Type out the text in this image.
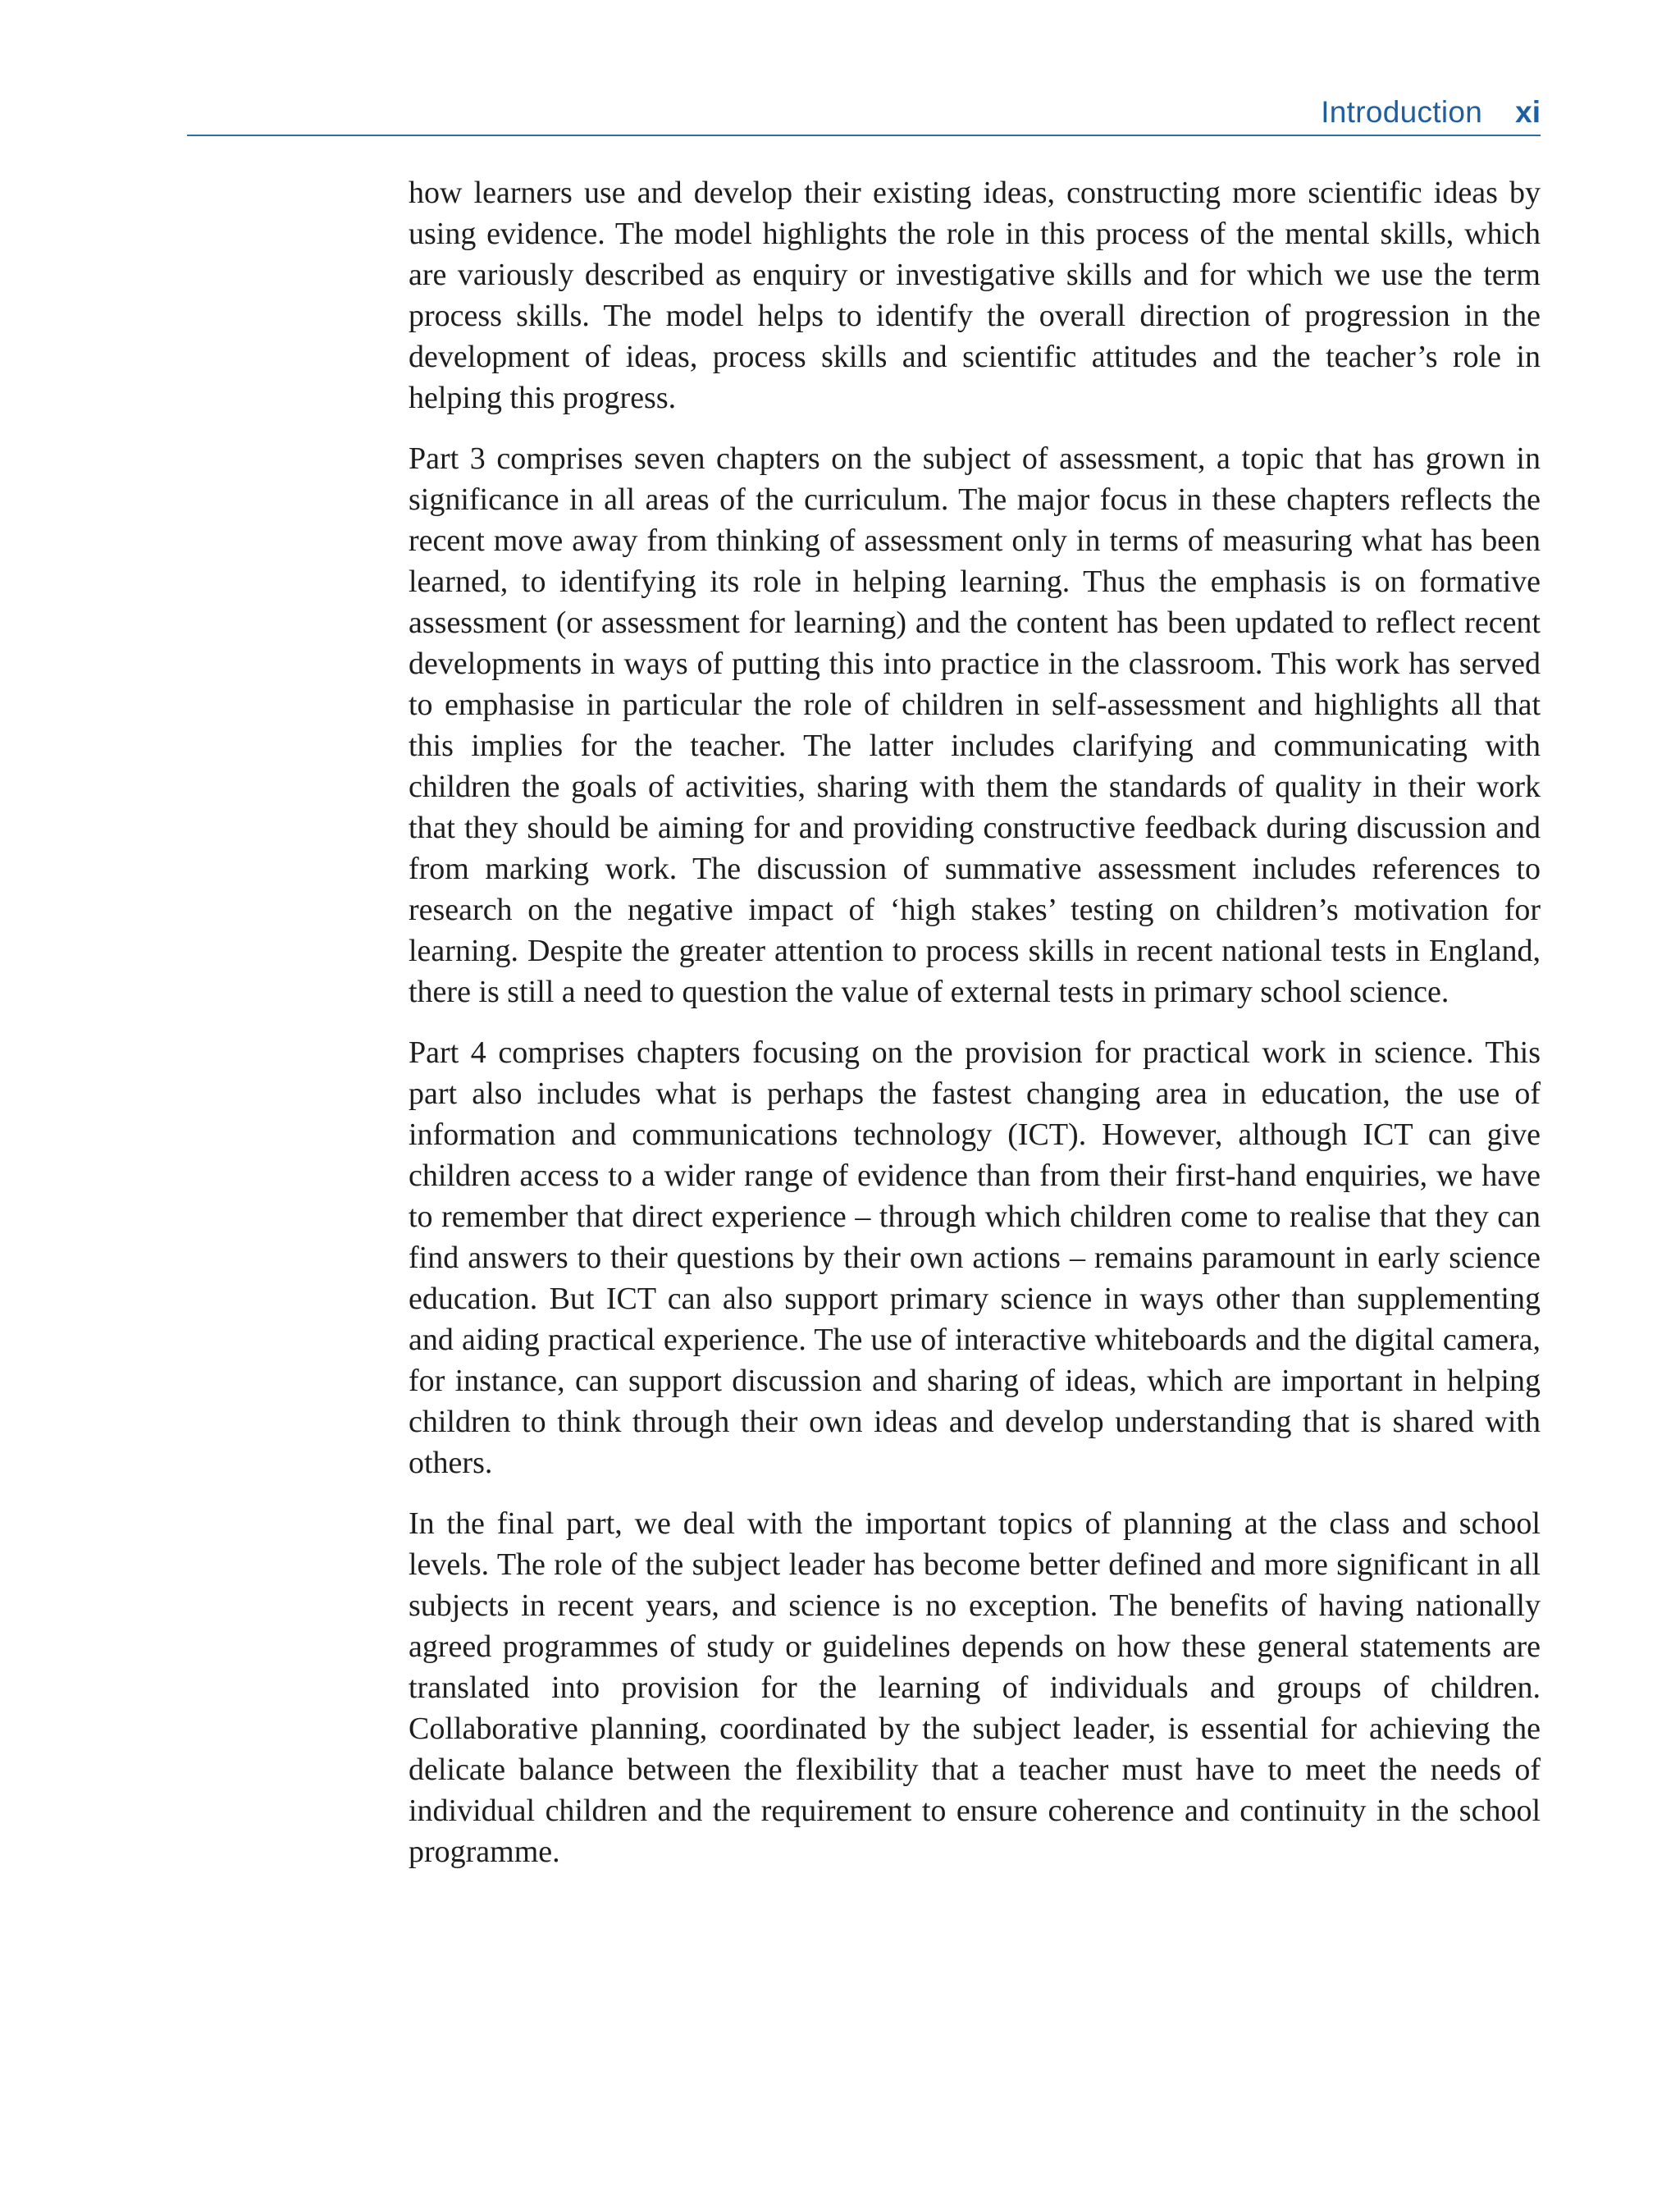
Introduction xi

how learners use and develop their existing ideas, constructing more scientific ideas by using evidence. The model highlights the role in this process of the mental skills, which are variously described as enquiry or investigative skills and for which we use the term process skills. The model helps to identify the overall direction of progression in the development of ideas, process skills and scientific attitudes and the teacher’s role in helping this progress.

Part 3 comprises seven chapters on the subject of assessment, a topic that has grown in significance in all areas of the curriculum. The major focus in these chapters reflects the recent move away from thinking of assessment only in terms of measuring what has been learned, to identifying its role in helping learning. Thus the emphasis is on formative assessment (or assessment for learning) and the content has been updated to reflect recent developments in ways of putting this into practice in the classroom. This work has served to emphasise in particular the role of children in self-assessment and highlights all that this implies for the teacher. The latter includes clarifying and communicating with children the goals of activities, sharing with them the standards of quality in their work that they should be aiming for and providing constructive feedback during discussion and from marking work. The discussion of summative assessment includes references to research on the negative impact of ‘high stakes’ testing on children’s motivation for learning. Despite the greater attention to process skills in recent national tests in England, there is still a need to question the value of external tests in primary school science.

Part 4 comprises chapters focusing on the provision for practical work in science. This part also includes what is perhaps the fastest changing area in education, the use of information and communications technology (ICT). However, although ICT can give children access to a wider range of evidence than from their first-hand enquiries, we have to remember that direct experience – through which children come to realise that they can find answers to their questions by their own actions – remains paramount in early science education. But ICT can also support primary science in ways other than supplementing and aiding practical experience. The use of interactive whiteboards and the digital camera, for instance, can support discussion and sharing of ideas, which are important in helping children to think through their own ideas and develop understanding that is shared with others.

In the final part, we deal with the important topics of planning at the class and school levels. The role of the subject leader has become better defined and more significant in all subjects in recent years, and science is no exception. The benefits of having nationally agreed programmes of study or guidelines depends on how these general statements are translated into provision for the learning of individuals and groups of children. Collaborative planning, coordinated by the subject leader, is essential for achieving the delicate balance between the flexibility that a teacher must have to meet the needs of individual children and the requirement to ensure coherence and continuity in the school programme.
